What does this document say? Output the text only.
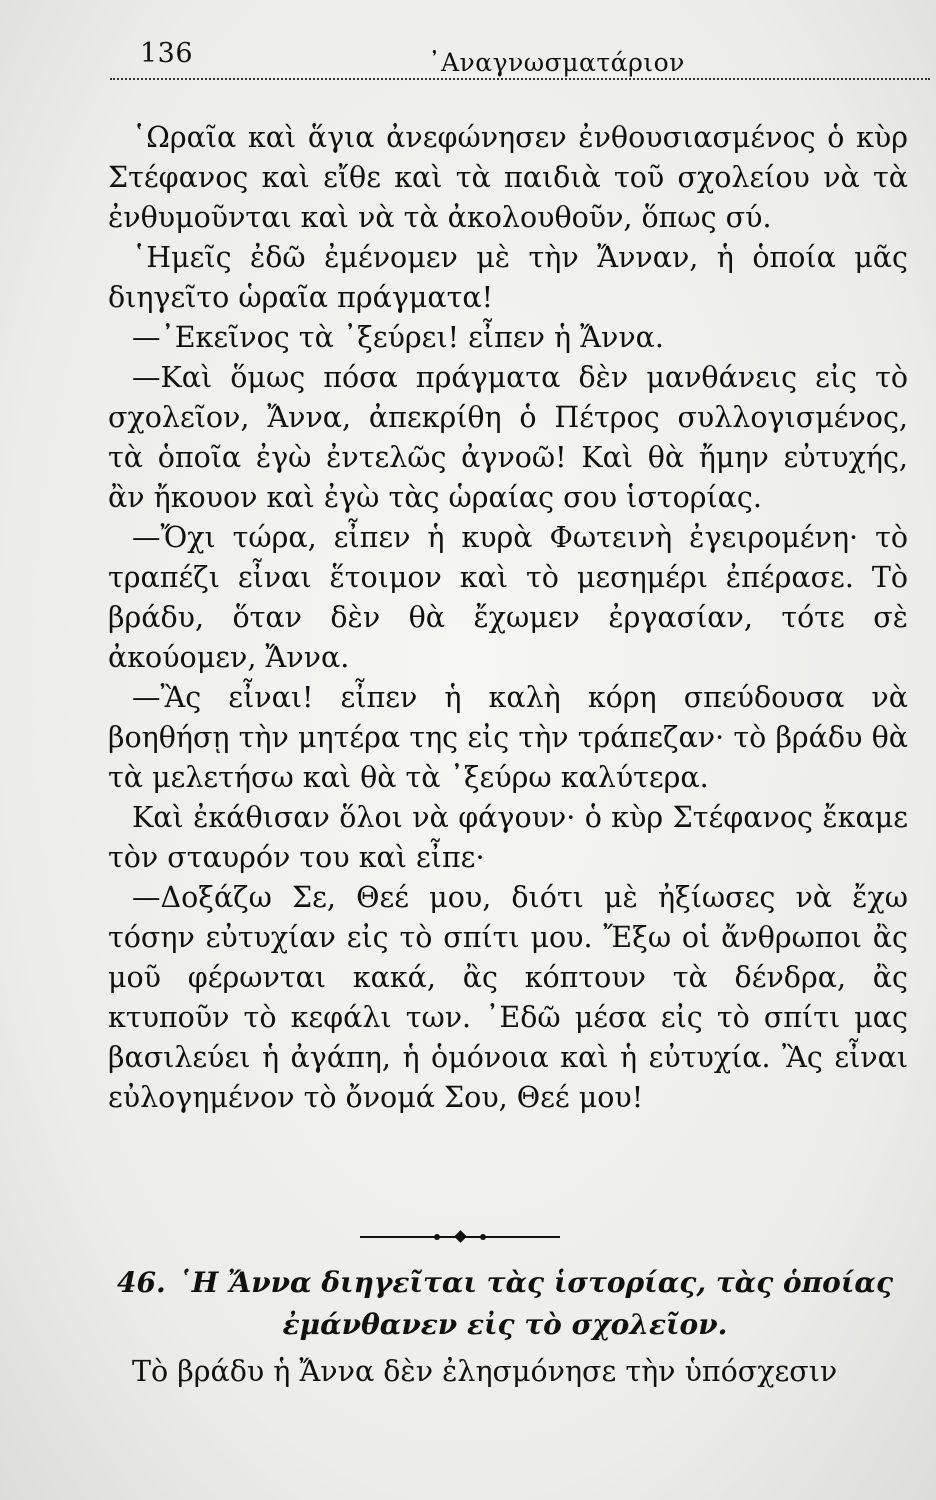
136	᾿Αναγνωσματάριον

῾Ωραῖα καὶ ἅγια ἀνεφώνησεν ἐνθουσιασμένος ὁ κὺρ Στέφανος καὶ εἴθε καὶ τὰ παιδιὰ τοῦ σχολείου νὰ τὰ ἐνθυμοῦνται καὶ νὰ τὰ ἀκολουθοῦν, ὅπως σύ.

῾Ημεῖς ἐδῶ ἐμένομεν μὲ τὴν Ἄνναν, ἡ ὁποία μᾶς διηγεῖτο ὡραῖα πράγματα!

—᾿Εκεῖνος τὰ ᾿ξεύρει! εἶπεν ἡ Ἄννα.

—Καὶ ὅμως πόσα πράγματα δὲν μανθάνεις εἰς τὸ σχολεῖον, Ἄννα, ἀπεκρίθη ὁ Πέτρος συλλογισμένος, τὰ ὁποῖα ἐγὼ ἐντελῶς ἀγνοῶ! Καὶ θὰ ἤμην εὐτυχής, ἂν ἤκουον καὶ ἐγὼ τὰς ὡραίας σου ἱστορίας.

—Ὄχι τώρα, εἶπεν ἡ κυρὰ Φωτεινὴ ἐγειρομένη· τὸ τραπέζι εἶναι ἕτοιμον καὶ τὸ μεσημέρι ἐπέρασε. Τὸ βράδυ, ὅταν δὲν θὰ ἔχωμεν ἐργασίαν, τότε σὲ ἀκούομεν, Ἄννα.

—Ἂς εἶναι! εἶπεν ἡ καλὴ κόρη σπεύδουσα νὰ βοηθήσῃ τὴν μητέρα της εἰς τὴν τράπεζαν· τὸ βράδυ θὰ τὰ μελετήσω καὶ θὰ τὰ ᾿ξεύρω καλύτερα.

Καὶ ἐκάθισαν ὅλοι νὰ φάγουν· ὁ κὺρ Στέφανος ἔκαμε τὸν σταυρόν του καὶ εἶπε·

—Δοξάζω Σε, Θεέ μου, διότι μὲ ἠξίωσες νὰ ἔχω τόσην εὐτυχίαν εἰς τὸ σπίτι μου. Ἔξω οἱ ἄνθρωποι ἂς μοῦ φέρωνται κακά, ἂς κόπτουν τὰ δένδρα, ἂς κτυποῦν τὸ κεφάλι των. ᾿Εδῶ μέσα εἰς τὸ σπίτι μας βασιλεύει ἡ ἀγάπη, ἡ ὁμόνοια καὶ ἡ εὐτυχία. Ἂς εἶναι εὐλογημένον τὸ ὄνομά Σου, Θεέ μου!

46. ῾Η Ἄννα διηγεῖται τὰς ἱστορίας, τὰς ὁποίας ἐμάνθανεν εἰς τὸ σχολεῖον.
Τὸ βράδυ ἡ Ἄννα δὲν ἐλησμόνησε τὴν ὑπόσχεσιν
